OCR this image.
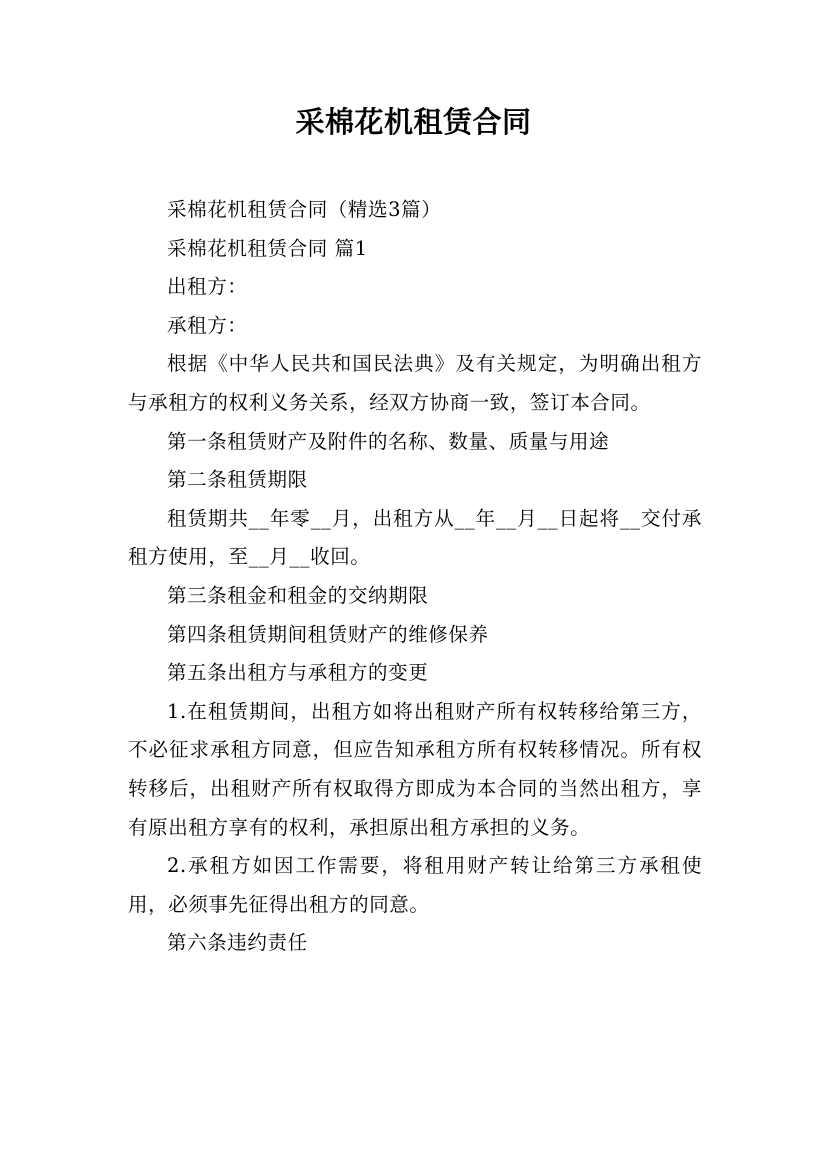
采棉花机租赁合同

采棉花机租赁合同（精选3篇）

采棉花机租赁合同 篇1

出租方：

承租方：

根据《中华人民共和国民法典》及有关规定，为明确出租方与承租方的权利义务关系，经双方协商一致，签订本合同。

第一条租赁财产及附件的名称、数量、质量与用途

第二条租赁期限

租赁期共__年零__月，出租方从__年__月__日起将__交付承租方使用，至__月__收回。

第三条租金和租金的交纳期限

第四条租赁期间租赁财产的维修保养

第五条出租方与承租方的变更

1.在租赁期间，出租方如将出租财产所有权转移给第三方，不必征求承租方同意，但应告知承租方所有权转移情况。所有权转移后，出租财产所有权取得方即成为本合同的当然出租方，享有原出租方享有的权利，承担原出租方承担的义务。

2.承租方如因工作需要，将租用财产转让给第三方承租使用，必须事先征得出租方的同意。

第六条违约责任
